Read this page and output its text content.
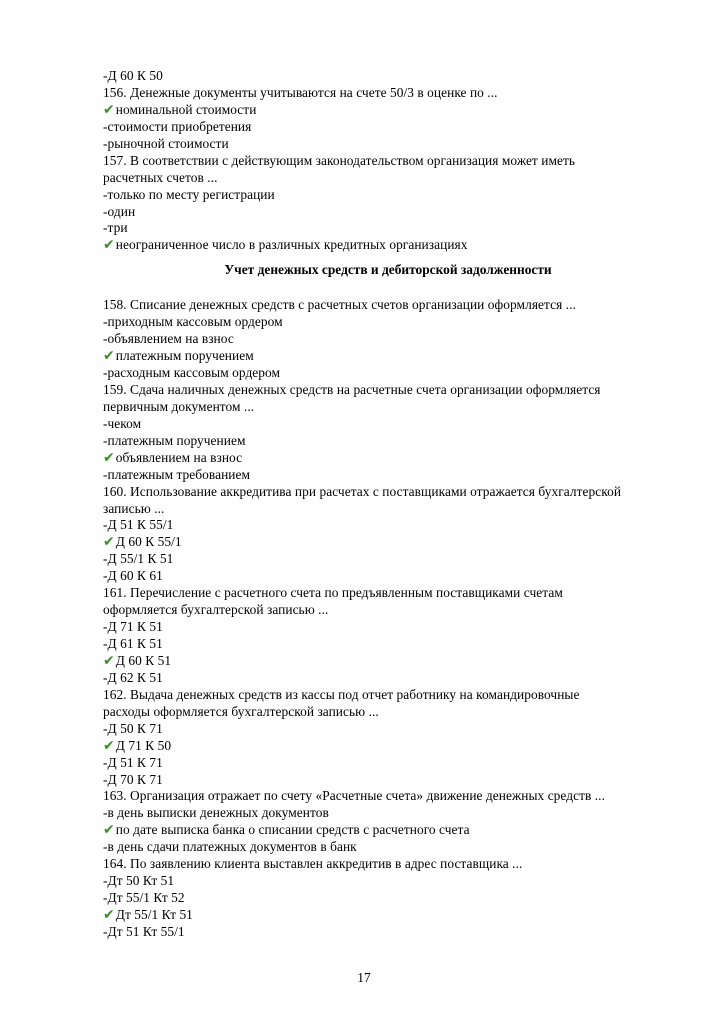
-Д 60 К 50
156. Денежные документы учитываются на счете 50/3 в оценке по ...
✔номинальной стоимости
-стоимости приобретения
-рыночной стоимости
157. В соответствии с действующим законодательством организация может иметь
расчетных счетов ...
-только по месту регистрации
-один
-три
✔неограниченное число в различных кредитных организациях
Учет денежных средств и дебиторской задолженности
158. Списание денежных средств с расчетных счетов организации оформляется ...
-приходным кассовым ордером
-объявлением на взнос
✔платежным поручением
-расходным кассовым ордером
159. Сдача наличных денежных средств на расчетные счета организации оформляется
первичным документом ...
-чеком
-платежным поручением
✔объявлением на взнос
-платежным требованием
160. Использование аккредитива при расчетах с поставщиками отражается бухгалтерской
записью ...
-Д 51 К 55/1
✔Д 60 К 55/1
-Д 55/1 К 51
-Д 60 К 61
161. Перечисление с расчетного счета по предъявленным поставщиками счетам
оформляется бухгалтерской записью ...
-Д 71 К 51
-Д 61 К 51
✔Д 60 К 51
-Д 62 К 51
162. Выдача денежных средств из кассы под отчет работнику на командировочные
расходы оформляется бухгалтерской записью ...
-Д 50 К 71
✔Д 71 К 50
-Д 51 К 71
-Д 70 К 71
163. Организация отражает по счету «Расчетные счета» движение денежных средств ...
-в день выписки денежных документов
✔по дате выписка банка о списании средств с расчетного счета
-в день сдачи платежных документов в банк
164. По заявлению клиента выставлен аккредитив в адрес поставщика ...
-Дт 50 Кт 51
-Дт 55/1 Кт 52
✔Дт 55/1 Кт 51
-Дт 51 Кт 55/1
17
